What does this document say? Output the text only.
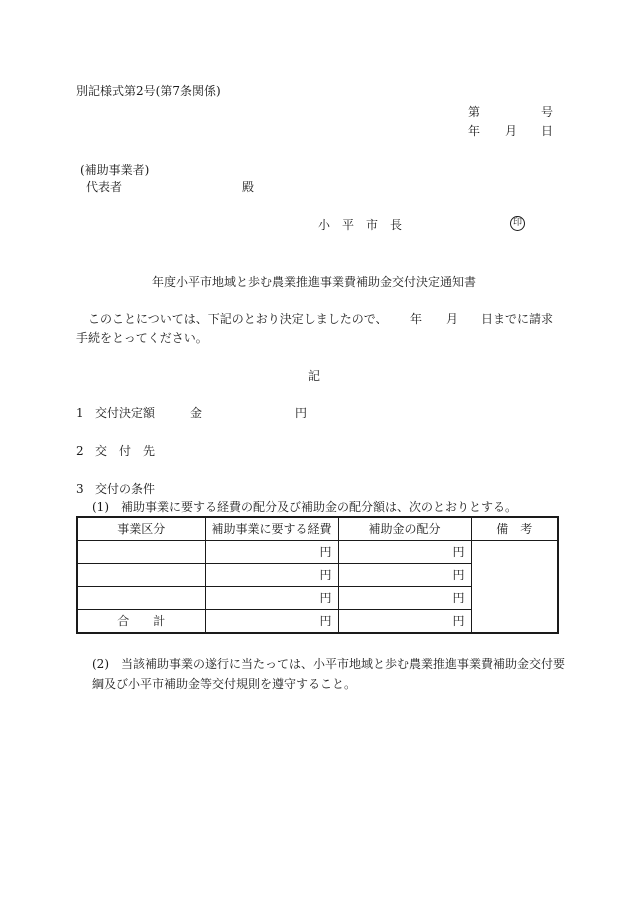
別記様式第2号(第7条関係)
第	号
年 月 日
(補助事業者)
代表者	殿
小　平　市　長	印
年度小平市地域と歩む農業推進事業費補助金交付決定通知書
このことについては、下記のとおり決定しましたので、 年 月 日までに請求
手続をとってください。
記
1 交付決定額	金	円
2 交　付　先
3 交付の条件
(1)　補助事業に要する経費の配分及び補助金の配分額は、次のとおりとする。
事業区分	補助事業に要する経費	補助金の配分	備　考
	円	円	
	円	円	
	円	円	
合　　計	円	円	
(2)　当該補助事業の遂行に当たっては、小平市地域と歩む農業推進事業費補助金交付要
綱及び小平市補助金等交付規則を遵守すること。
